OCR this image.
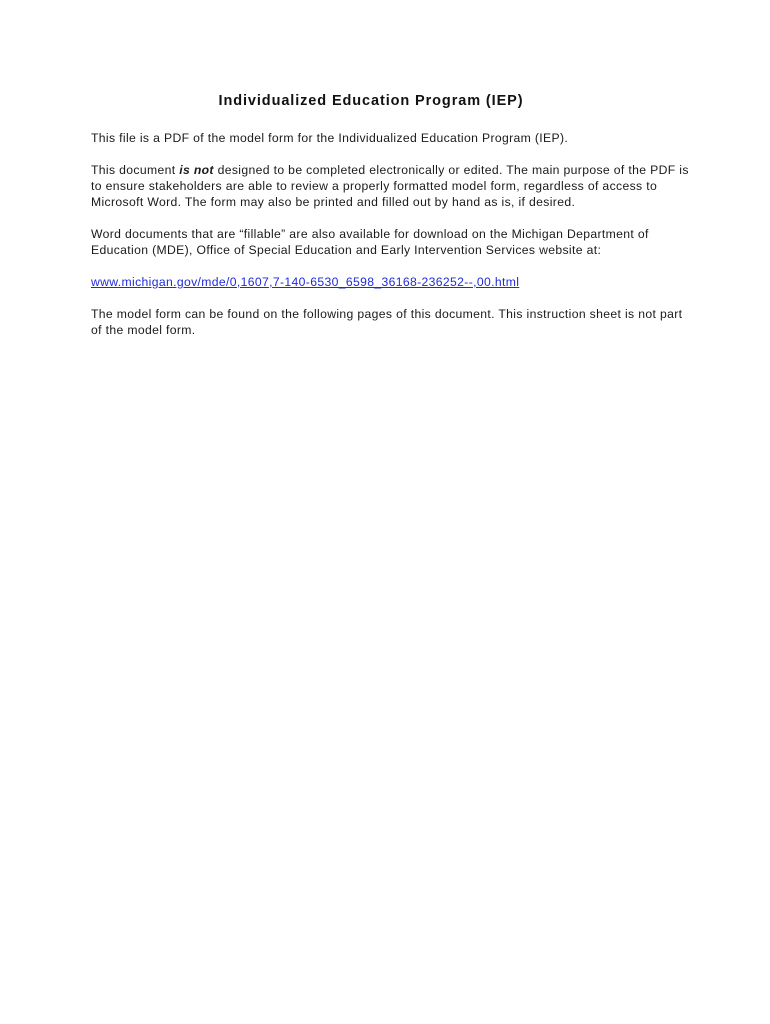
Individualized Education Program (IEP)

This file is a PDF of the model form for the Individualized Education Program (IEP).

This document is not designed to be completed electronically or edited. The main purpose of the PDF is to ensure stakeholders are able to review a properly formatted model form, regardless of access to Microsoft Word. The form may also be printed and filled out by hand as is, if desired.

Word documents that are “fillable” are also available for download on the Michigan Department of Education (MDE), Office of Special Education and Early Intervention Services website at:

www.michigan.gov/mde/0,1607,7-140-6530_6598_36168-236252--,00.html

The model form can be found on the following pages of this document. This instruction sheet is not part of the model form.
